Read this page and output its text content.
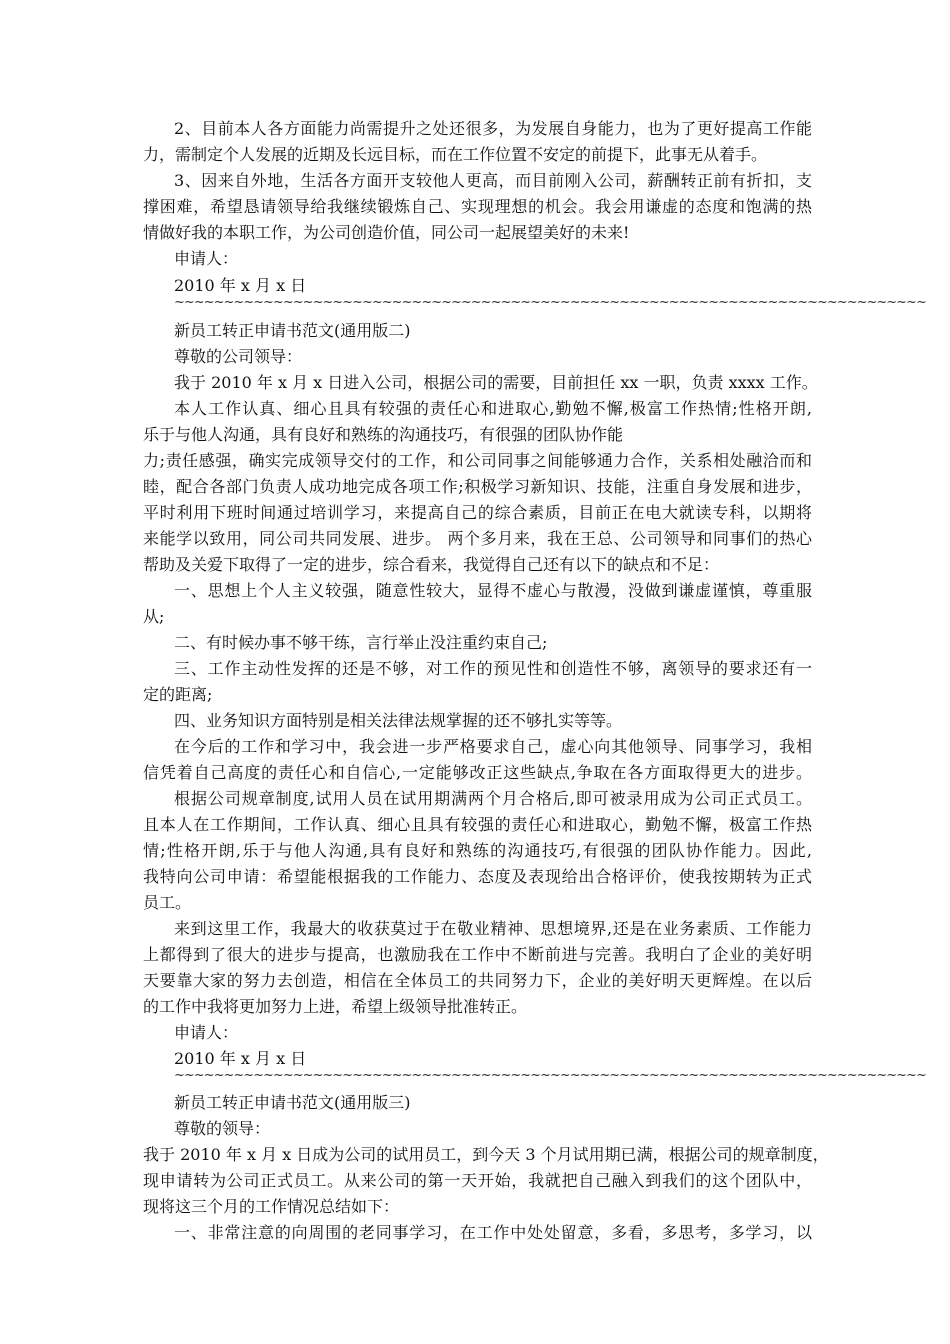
2、目前本人各方面能力尚需提升之处还很多，为发展自身能力，也为了更好提高工作能
力，需制定个人发展的近期及长远目标，而在工作位置不安定的前提下，此事无从着手。
3、因来自外地，生活各方面开支较他人更高，而目前刚入公司，薪酬转正前有折扣，支
撑困难，希望恳请领导给我继续锻炼自己、实现理想的机会。我会用谦虚的态度和饱满的热
情做好我的本职工作，为公司创造价值，同公司一起展望美好的未来!
申请人：
2010 年 x 月 x 日
~~~~~~~~~~~~~~~~~~~~~~~~~~~~~~~~~~~~~~~~~~~~~~~~~~~~~~~~~~~~~~~~~~~~~~~~~~~~
新员工转正申请书范文(通用版二)
尊敬的公司领导：
我于 2010 年 x 月 x 日进入公司，根据公司的需要，目前担任 xx 一职，负责 xxxx 工作。
本人工作认真、细心且具有较强的责任心和进取心,勤勉不懈,极富工作热情;性格开朗,
乐于与他人沟通，具有良好和熟练的沟通技巧，有很强的团队协作能
力;责任感强，确实完成领导交付的工作，和公司同事之间能够通力合作，关系相处融洽而和
睦，配合各部门负责人成功地完成各项工作;积极学习新知识、技能，注重自身发展和进步，
平时利用下班时间通过培训学习，来提高自己的综合素质，目前正在电大就读专科，以期将
来能学以致用，同公司共同发展、进步。 两个多月来，我在王总、公司领导和同事们的热心
帮助及关爱下取得了一定的进步，综合看来，我觉得自己还有以下的缺点和不足：
一、思想上个人主义较强，随意性较大，显得不虚心与散漫，没做到谦虚谨慎，尊重服
从;
二、有时候办事不够干练，言行举止没注重约束自己;
三、工作主动性发挥的还是不够，对工作的预见性和创造性不够，离领导的要求还有一
定的距离;
四、业务知识方面特别是相关法律法规掌握的还不够扎实等等。
在今后的工作和学习中，我会进一步严格要求自己，虚心向其他领导、同事学习，我相
信凭着自己高度的责任心和自信心,一定能够改正这些缺点,争取在各方面取得更大的进步。
根据公司规章制度,试用人员在试用期满两个月合格后,即可被录用成为公司正式员工。
且本人在工作期间，工作认真、细心且具有较强的责任心和进取心，勤勉不懈，极富工作热
情;性格开朗,乐于与他人沟通,具有良好和熟练的沟通技巧,有很强的团队协作能力。因此,
我特向公司申请：希望能根据我的工作能力、态度及表现给出合格评价，使我按期转为正式
员工。
来到这里工作，我最大的收获莫过于在敬业精神、思想境界,还是在业务素质、工作能力
上都得到了很大的进步与提高，也激励我在工作中不断前进与完善。我明白了企业的美好明
天要靠大家的努力去创造，相信在全体员工的共同努力下，企业的美好明天更辉煌。在以后
的工作中我将更加努力上进，希望上级领导批准转正。
申请人：
2010 年 x 月 x 日
~~~~~~~~~~~~~~~~~~~~~~~~~~~~~~~~~~~~~~~~~~~~~~~~~~~~~~~~~~~~~~~~~~~~~~~~~~~~
新员工转正申请书范文(通用版三)
尊敬的领导：
我于 2010 年 x 月 x 日成为公司的试用员工，到今天 3 个月试用期已满，根据公司的规章制度，
现申请转为公司正式员工。从来公司的第一天开始，我就把自己融入到我们的这个团队中，
现将这三个月的工作情况总结如下：
一、非常注意的向周围的老同事学习，在工作中处处留意，多看，多思考，多学习，以
